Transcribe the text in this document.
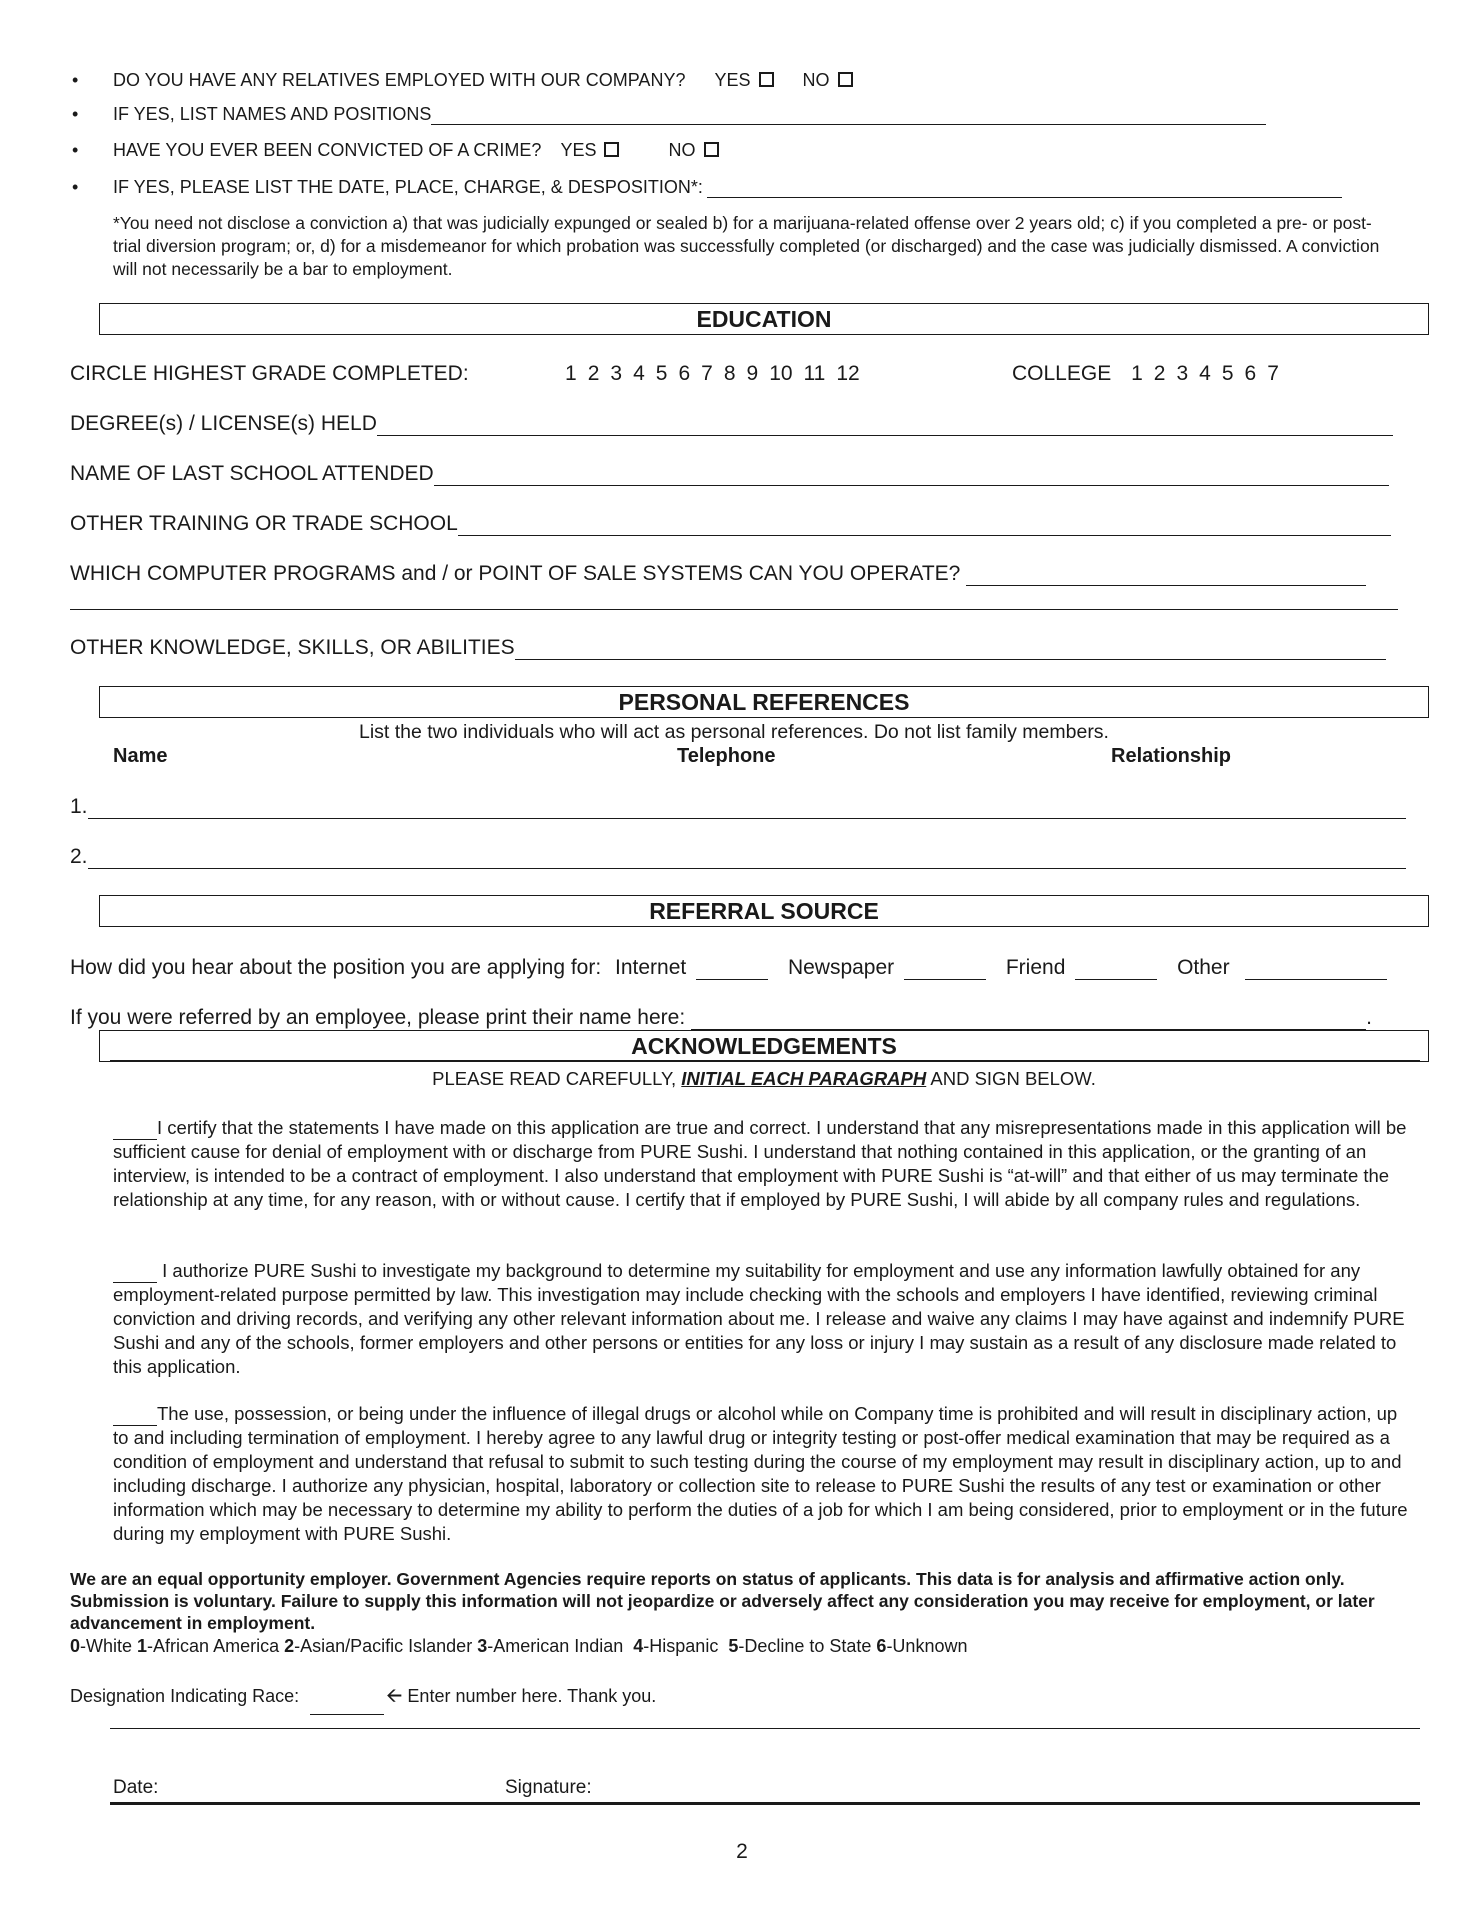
• DO YOU HAVE ANY RELATIVES EMPLOYED WITH OUR COMPANY? YES	NO
• IF YES, LIST NAMES AND POSITIONS
• HAVE YOU EVER BEEN CONVICTED OF A CRIME? YES	NO
• IF YES, PLEASE LIST THE DATE, PLACE, CHARGE, & DESPOSITION*:
*You need not disclose a conviction a) that was judicially expunged or sealed b) for a marijuana-related offense over 2 years old; c) if you completed a pre- or post- trial diversion program; or, d) for a misdemeanor for which probation was successfully completed (or discharged) and the case was judicially dismissed. A conviction will not necessarily be a bar to employment.
EDUCATION
CIRCLE HIGHEST GRADE COMPLETED:	1 2 3 4 5 6 7 8 9 10 11 12	COLLEGE 1 2 3 4 5 6 7
DEGREE(s) / LICENSE(s) HELD
NAME OF LAST SCHOOL ATTENDED
OTHER TRAINING OR TRADE SCHOOL
WHICH COMPUTER PROGRAMS and / or POINT OF SALE SYSTEMS CAN YOU OPERATE?
OTHER KNOWLEDGE, SKILLS, OR ABILITIES
PERSONAL REFERENCES
List the two individuals who will act as personal references. Do not list family members.
Name	Telephone	Relationship
1.
2.
REFERRAL SOURCE
How did you hear about the position you are applying for: Internet	Newspaper	Friend	Other
If you were referred by an employee, please print their name here:	.
ACKNOWLEDGEMENTS
PLEASE READ CAREFULLY, INITIAL EACH PARAGRAPH AND SIGN BELOW.
I certify that the statements I have made on this application are true and correct. I understand that any misrepresentations made in this application will be sufficient cause for denial of employment with or discharge from PURE Sushi. I understand that nothing contained in this application, or the granting of an interview, is intended to be a contract of employment. I also understand that employment with PURE Sushi is “at-will” and that either of us may terminate the relationship at any time, for any reason, with or without cause. I certify that if employed by PURE Sushi, I will abide by all company rules and regulations.
I authorize PURE Sushi to investigate my background to determine my suitability for employment and use any information lawfully obtained for any employment-related purpose permitted by law. This investigation may include checking with the schools and employers I have identified, reviewing criminal conviction and driving records, and verifying any other relevant information about me. I release and waive any claims I may have against and indemnify PURE Sushi and any of the schools, former employers and other persons or entities for any loss or injury I may sustain as a result of any disclosure made related to this application.
The use, possession, or being under the influence of illegal drugs or alcohol while on Company time is prohibited and will result in disciplinary action, up to and including termination of employment. I hereby agree to any lawful drug or integrity testing or post-offer medical examination that may be required as a condition of employment and understand that refusal to submit to such testing during the course of my employment may result in disciplinary action, up to and including discharge. I authorize any physician, hospital, laboratory or collection site to release to PURE Sushi the results of any test or examination or other information which may be necessary to determine my ability to perform the duties of a job for which I am being considered, prior to employment or in the future during my employment with PURE Sushi.
We are an equal opportunity employer. Government Agencies require reports on status of applicants. This data is for analysis and affirmative action only. Submission is voluntary. Failure to supply this information will not jeopardize or adversely affect any consideration you may receive for employment, or later advancement in employment.
0-White 1-African America 2-Asian/Pacific Islander 3-American Indian  4-Hispanic  5-Decline to State 6-Unknown
Designation Indicating Race:	🡨 Enter number here. Thank you.
Date:	Signature:
2
